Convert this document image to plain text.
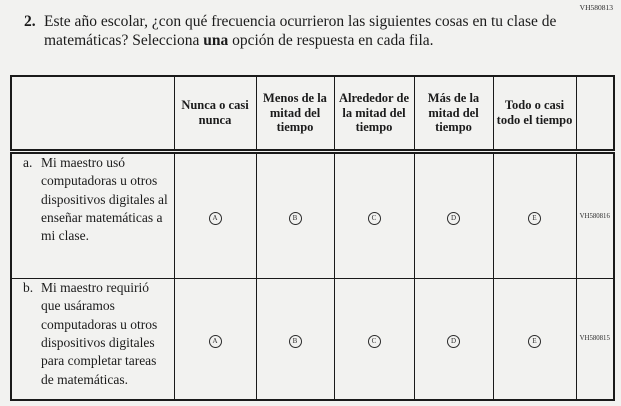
VH580813
2. Este año escolar, ¿con qué frecuencia ocurrieron las siguientes cosas en tu clase de matemáticas? Selecciona una opción de respuesta en cada fila.
	Nunca o casi nunca	Menos de la mitad del tiempo	Alrededor de la mitad del tiempo	Más de la mitad del tiempo	Todo o casi todo el tiempo	

a. Mi maestro usó computadoras u otros dispositivos digitales al enseñar matemáticas a mi clase.	A	B	C	D	E	VH580816

b. Mi maestro requirió que usáramos computadoras u otros dispositivos digitales para completar tareas de matemáticas.	A	B	C	D	E	VH580815
